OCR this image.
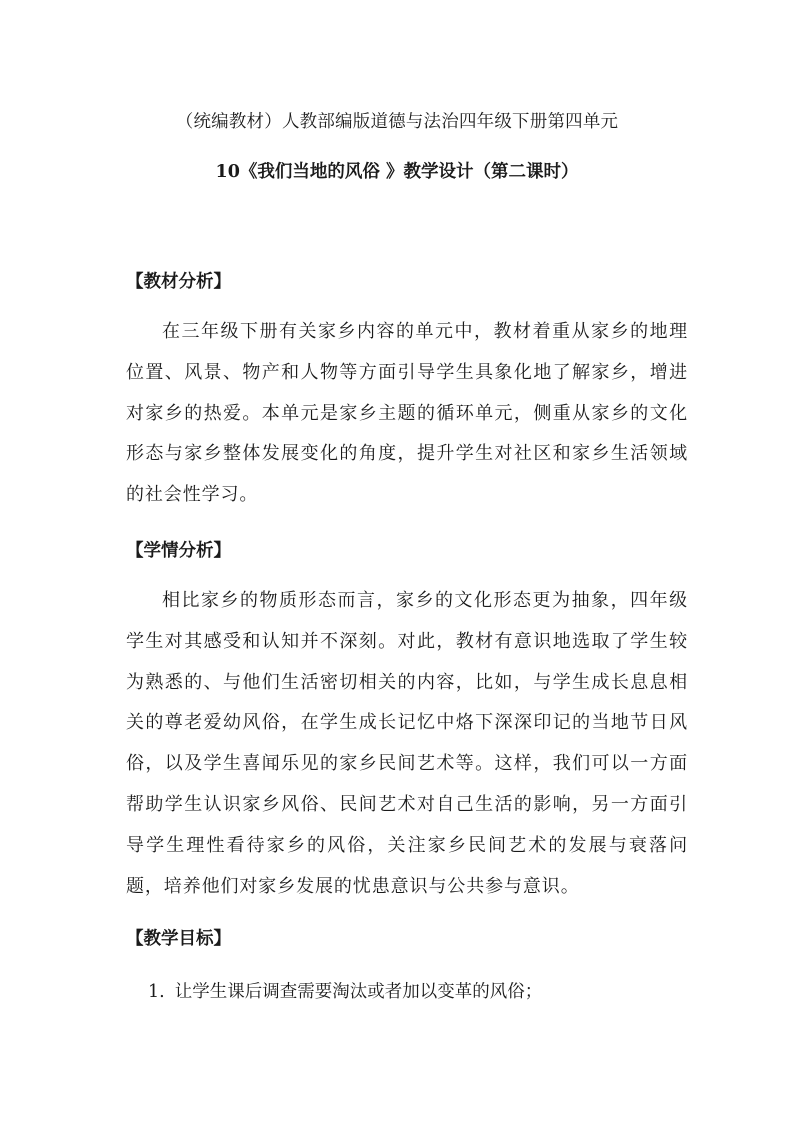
（统编教材）人教部编版道德与法治四年级下册第四单元
10《我们当地的风俗 》教学设计（第二课时）
【教材分析】

在三年级下册有关家乡内容的单元中，教材着重从家乡的地理位置、风景、物产和人物等方面引导学生具象化地了解家乡，增进对家乡的热爱。本单元是家乡主题的循环单元，侧重从家乡的文化形态与家乡整体发展变化的角度，提升学生对社区和家乡生活领域的社会性学习。

【学情分析】

相比家乡的物质形态而言，家乡的文化形态更为抽象，四年级学生对其感受和认知并不深刻。对此，教材有意识地选取了学生较为熟悉的、与他们生活密切相关的内容，比如，与学生成长息息相关的尊老爱幼风俗，在学生成长记忆中烙下深深印记的当地节日风俗，以及学生喜闻乐见的家乡民间艺术等。这样，我们可以一方面帮助学生认识家乡风俗、民间艺术对自己生活的影响，另一方面引导学生理性看待家乡的风俗，关注家乡民间艺术的发展与衰落问题，培养他们对家乡发展的忧患意识与公共参与意识。

【教学目标】
1. 让学生课后调查需要淘汰或者加以变革的风俗；
